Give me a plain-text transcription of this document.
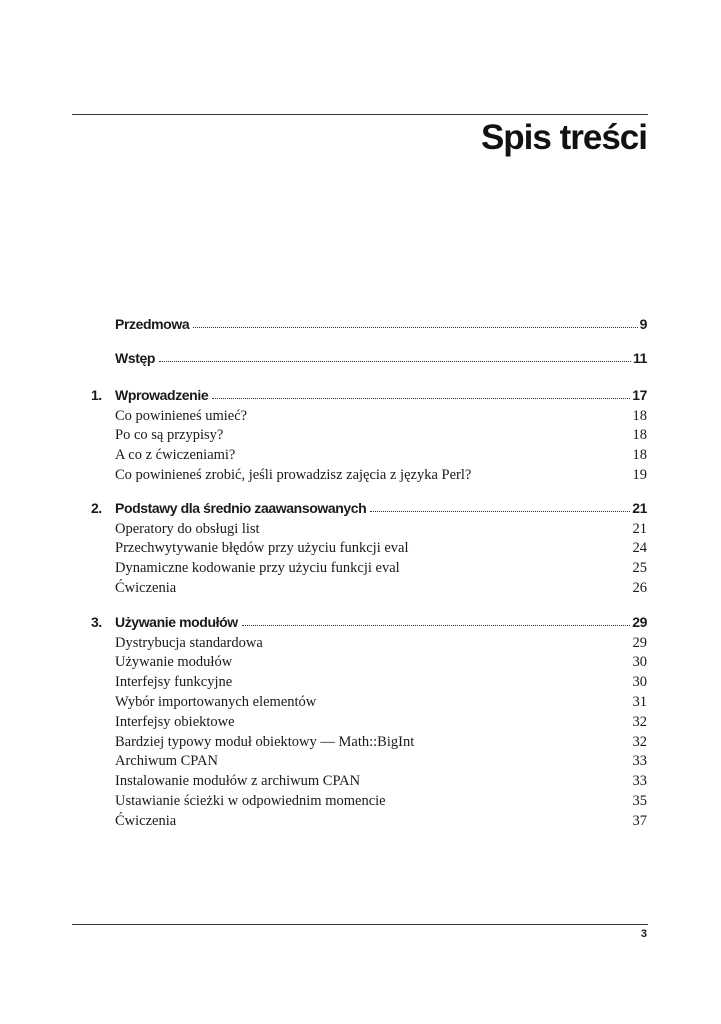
Spis treści
Przedmowa	9
Wstęp	11
1. Wprowadzenie	17
Co powinieneś umieć?	18
Po co są przypisy?	18
A co z ćwiczeniami?	18
Co powinieneś zrobić, jeśli prowadzisz zajęcia z języka Perl?	19
2. Podstawy dla średnio zaawansowanych	21
Operatory do obsługi list	21
Przechwytywanie błędów przy użyciu funkcji eval	24
Dynamiczne kodowanie przy użyciu funkcji eval	25
Ćwiczenia	26
3. Używanie modułów	29
Dystrybucja standardowa	29
Używanie modułów	30
Interfejsy funkcyjne	30
Wybór importowanych elementów	31
Interfejsy obiektowe	32
Bardziej typowy moduł obiektowy — Math::BigInt	32
Archiwum CPAN	33
Instalowanie modułów z archiwum CPAN	33
Ustawianie ścieżki w odpowiednim momencie	35
Ćwiczenia	37

3
